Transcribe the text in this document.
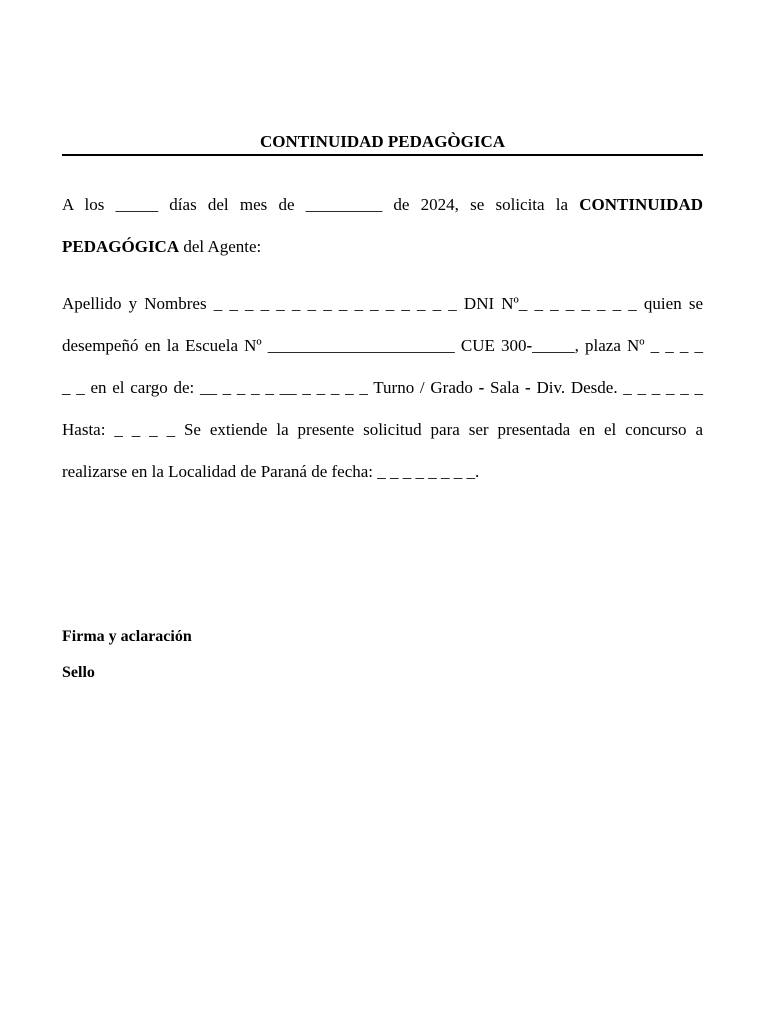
CONTINUIDAD PEDAGÒGICA
A los _____ días del mes de _________ de 2024, se solicita la CONTINUIDAD
PEDAGÓGICA del Agente:
Apellido y Nombres _ _ _ _ _ _ _ _ _ _ _ _ _ _ _ _ DNI Nº_ _ _ _ _ _ _ _ quien se
desempeñó en la Escuela Nº ______________________ CUE 300-_____, plaza Nº _ _ _ _
_ _ en el cargo de: __ _ _ _ _ __ _ _ _ _ _ Turno / Grado - Sala - Div. Desde. _ _ _ _ _ _
Hasta: _ _ _ _ Se extiende la presente solicitud para ser presentada en el concurso a
realizarse en la Localidad de Paraná de fecha: _ _ _ _ _ _ _ _.
Firma y aclaración
Sello
